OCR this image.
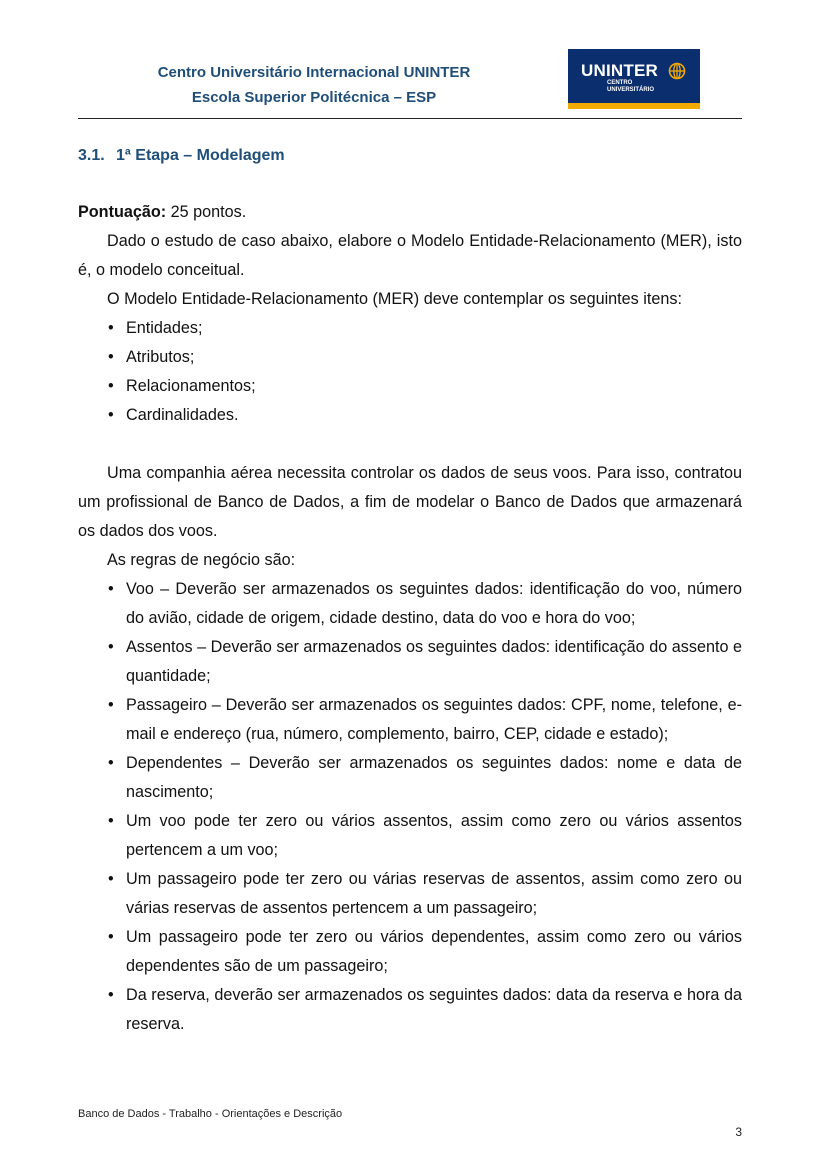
Centro Universitário Internacional UNINTER
Escola Superior Politécnica – ESP
UNINTER
CENTRO
UNIVERSITÁRIO
3.1. 1ª Etapa – Modelagem

Pontuação: 25 pontos.

Dado o estudo de caso abaixo, elabore o Modelo Entidade-Relacionamento (MER), isto é, o modelo conceitual.

O Modelo Entidade-Relacionamento (MER) deve contemplar os seguintes itens:

• Entidades;
• Atributos;
• Relacionamentos;
• Cardinalidades.

Uma companhia aérea necessita controlar os dados de seus voos. Para isso, contratou um profissional de Banco de Dados, a fim de modelar o Banco de Dados que armazenará os dados dos voos.

As regras de negócio são:

• Voo – Deverão ser armazenados os seguintes dados: identificação do voo, número do avião, cidade de origem, cidade destino, data do voo e hora do voo;
• Assentos – Deverão ser armazenados os seguintes dados: identificação do assento e quantidade;
• Passageiro – Deverão ser armazenados os seguintes dados: CPF, nome, telefone, e-mail e endereço (rua, número, complemento, bairro, CEP, cidade e estado);
• Dependentes – Deverão ser armazenados os seguintes dados: nome e data de nascimento;
• Um voo pode ter zero ou vários assentos, assim como zero ou vários assentos pertencem a um voo;
• Um passageiro pode ter zero ou várias reservas de assentos, assim como zero ou várias reservas de assentos pertencem a um passageiro;
• Um passageiro pode ter zero ou vários dependentes, assim como zero ou vários dependentes são de um passageiro;
• Da reserva, deverão ser armazenados os seguintes dados: data da reserva e hora da reserva.
Banco de Dados - Trabalho - Orientações e Descrição
3
